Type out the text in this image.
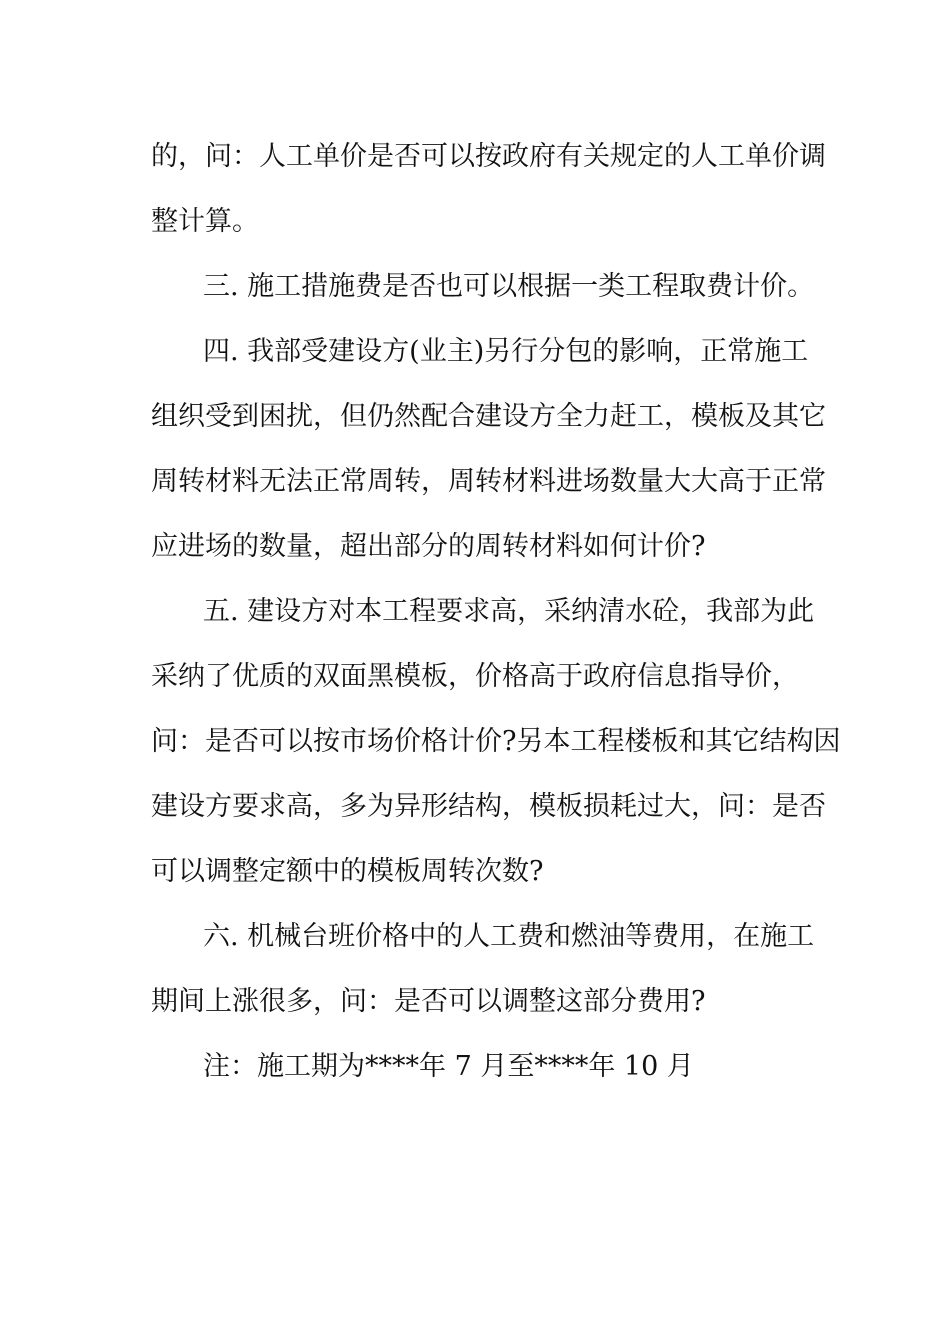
的，问：人工单价是否可以按政府有关规定的人工单价调
整计算。
三. 施工措施费是否也可以根据一类工程取费计价。
四. 我部受建设方(业主)另行分包的影响，正常施工
组织受到困扰，但仍然配合建设方全力赶工，模板及其它
周转材料无法正常周转，周转材料进场数量大大高于正常
应进场的数量，超出部分的周转材料如何计价?
五. 建设方对本工程要求高，采纳清水砼，我部为此
采纳了优质的双面黑模板，价格高于政府信息指导价，
问：是否可以按市场价格计价?另本工程楼板和其它结构因
建设方要求高，多为异形结构，模板损耗过大，问：是否
可以调整定额中的模板周转次数?
六. 机械台班价格中的人工费和燃油等费用，在施工
期间上涨很多，问：是否可以调整这部分费用?
注：施工期为****年 7 月至****年 10 月
